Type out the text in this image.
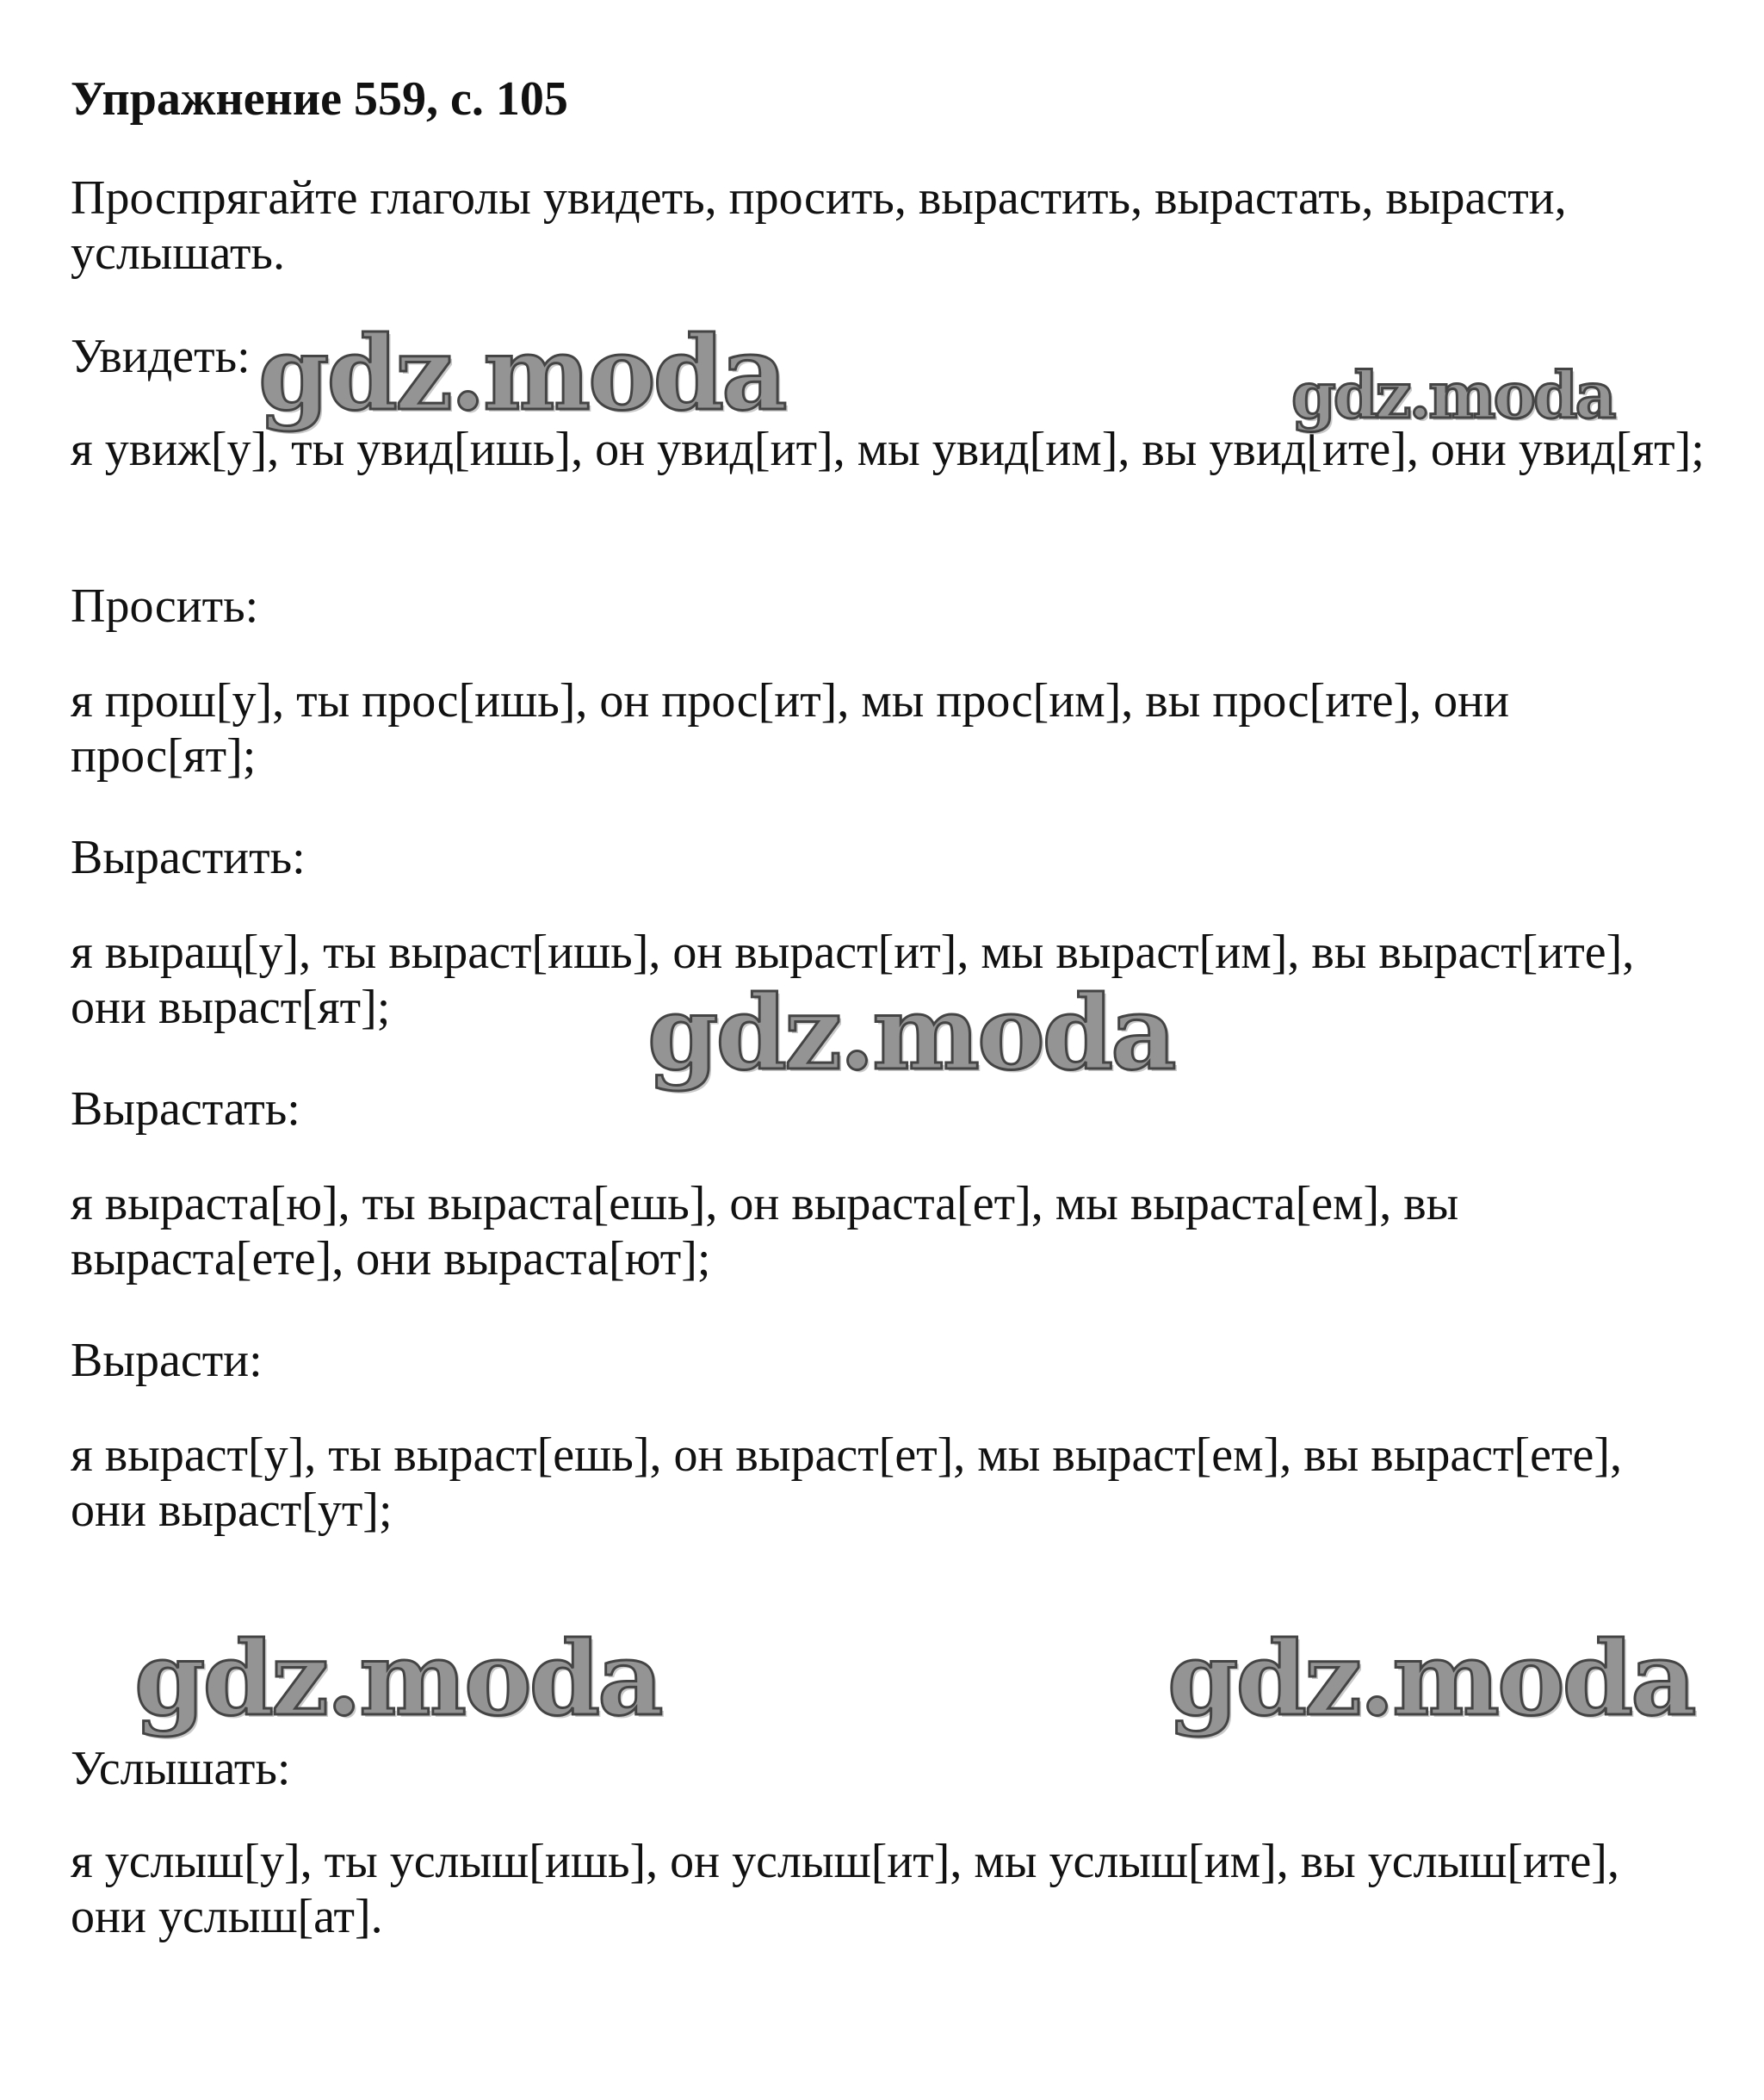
Упражнение 559, с. 105
Проспрягайте глаголы увидеть, просить, вырастить, вырастать, вырасти, услышать.
Увидеть:
я увиж[у], ты увид[ишь], он увид[ит], мы увид[им], вы увид[ите], они увид[ят];
Просить:
я прош[у], ты прос[ишь], он прос[ит], мы прос[им], вы прос[ите], они прос[ят];
Вырастить:
я выращ[у], ты выраст[ишь], он выраст[ит], мы выраст[им], вы выраст[ите], они выраст[ят];
Вырастать:
я вырaста[ю], ты выраста[ешь], он выраста[ет], мы выраста[ем], вы выраста[ете], они выраста[ют];
Вырасти:
я выраст[у], ты выраст[ешь], он выраст[ет], мы выраст[ем], вы выраст[ете], они выраст[ут];
Услышать:
я услыш[у], ты услыш[ишь], он услыш[ит], мы услыш[им], вы услыш[ите], они услыш[ат].
gdz.moda	gdz.moda
gdz.moda
gdz.moda	gdz.moda
